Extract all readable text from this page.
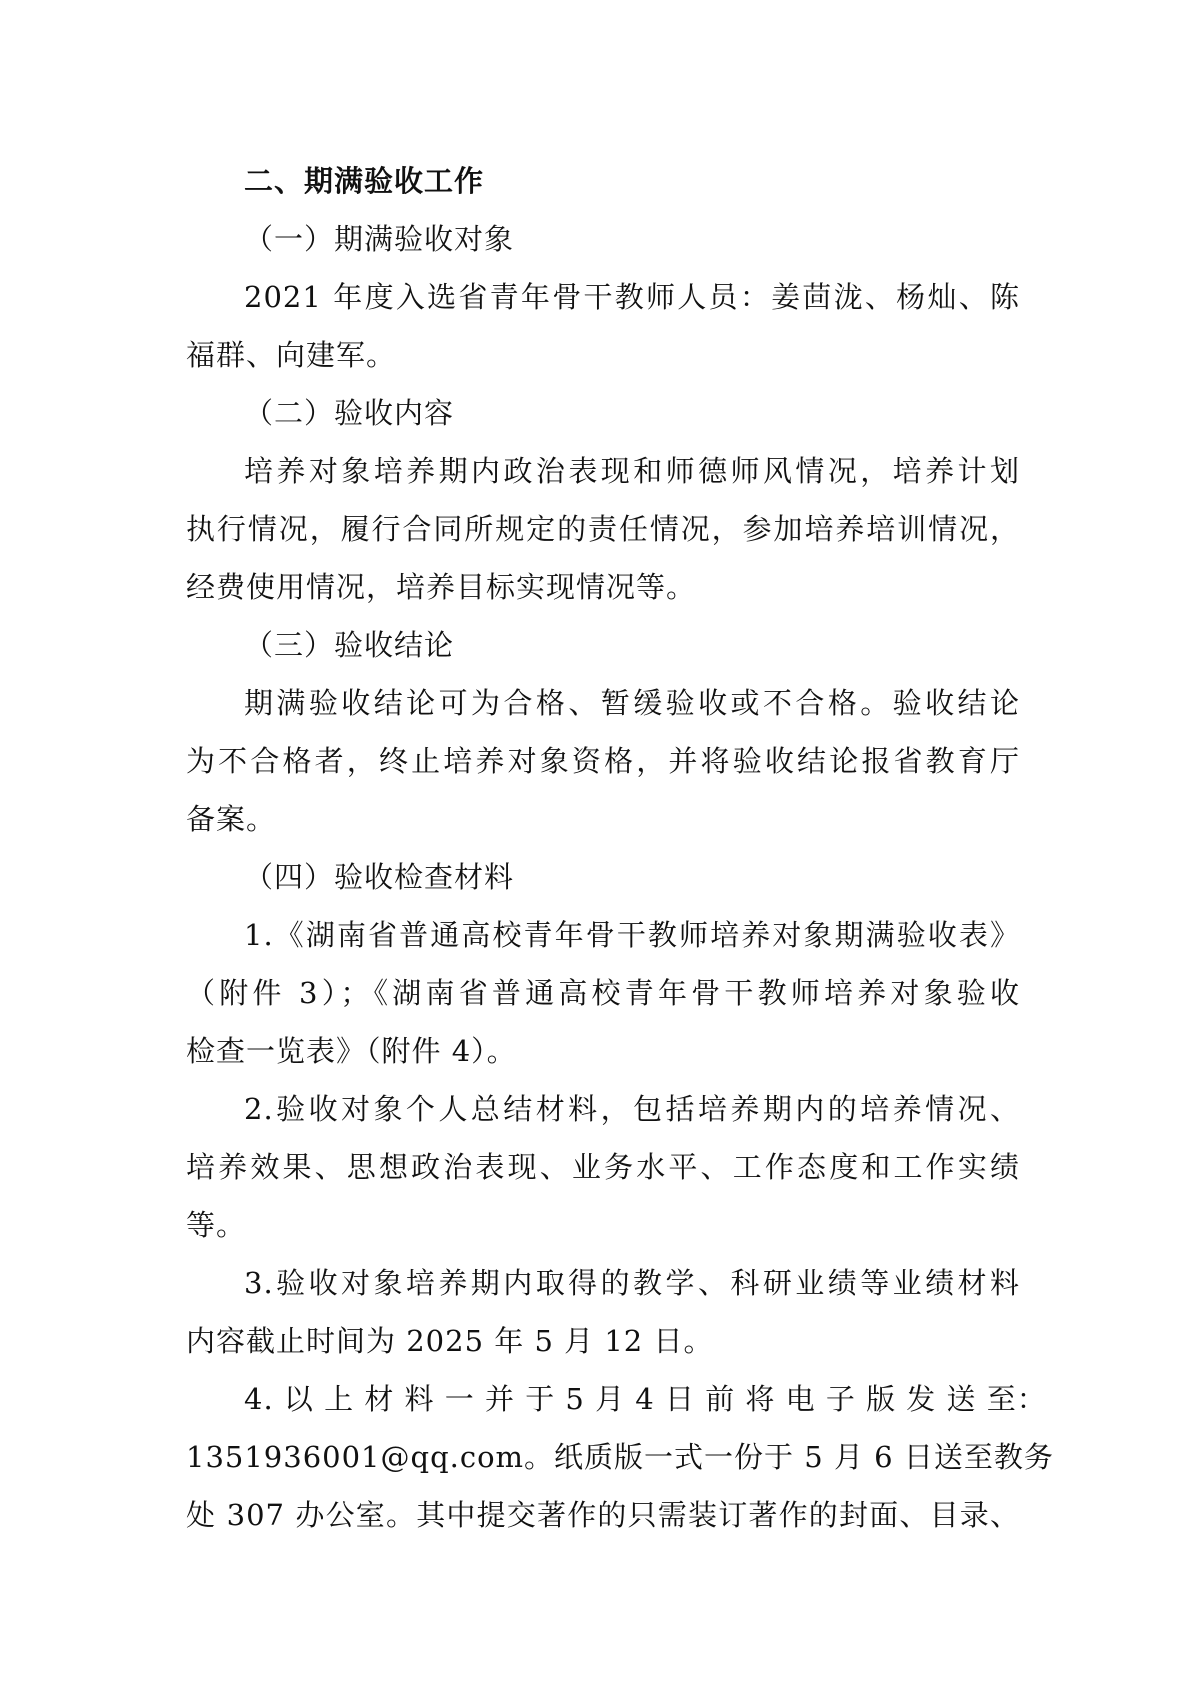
二、期满验收工作
（一）期满验收对象
2021 年度入选省青年骨干教师人员：姜茴泷、杨灿、陈
福群、向建军。
（二）验收内容
培养对象培养期内政治表现和师德师风情况，培养计划
执行情况，履行合同所规定的责任情况，参加培养培训情况，
经费使用情况，培养目标实现情况等。
（三）验收结论
期满验收结论可为合格、暂缓验收或不合格。验收结论
为不合格者，终止培养对象资格，并将验收结论报省教育厅
备案。
（四）验收检查材料
1.《湖南省普通高校青年骨干教师培养对象期满验收表》
（附件 3）；《湖南省普通高校青年骨干教师培养对象验收
检查一览表》（附件 4）。
2.验收对象个人总结材料，包括培养期内的培养情况、
培养效果、思想政治表现、业务水平、工作态度和工作实绩
等。
3.验收对象培养期内取得的教学、科研业绩等业绩材料
内容截止时间为 2025 年 5 月 12 日。
4. 以 上 材 料 一 并 于 5 月 4 日 前 将 电 子 版 发 送 至：
1351936001@qq.com。纸质版一式一份于 5 月 6 日送至教务
处 307 办公室。其中提交著作的只需装订著作的封面、目录、
